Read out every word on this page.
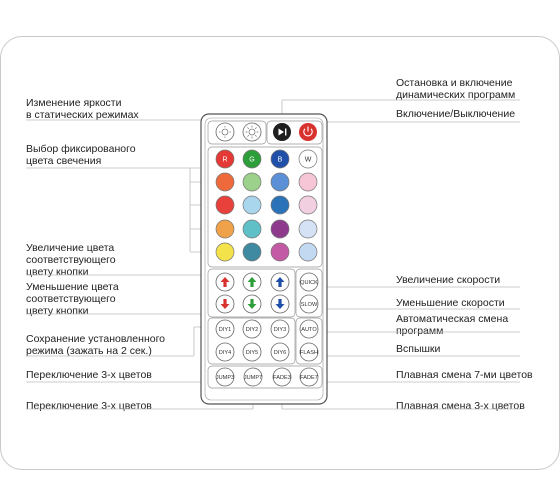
Изменение яркости
в статических режимах
Выбор фиксированого
цвета свечения
Увеличение цвета
соответствующего
цвету кнопки
Уменьшение цвета
соответствующего
цвету кнопки
Сохранение установленного
режима (зажать на 2 сек.)
Переключение 3-х цветов
Переключение 3-х цветов
Остановка и включение
динамических программ
Включение/Выключение
Увеличение скорости
Уменьшение скорости
Автоматическая смена
программ
Вспышки
Плавная смена 7-ми цветов
Плавная смена 3-х цветов
R	G	B	W
QUICK
SLOW
DIY1	DIY2	DIY3
DIY4	DIY5	DIY6
AUTO
FLASH
JUMP3 JUMP7 FADE3 FADE7
